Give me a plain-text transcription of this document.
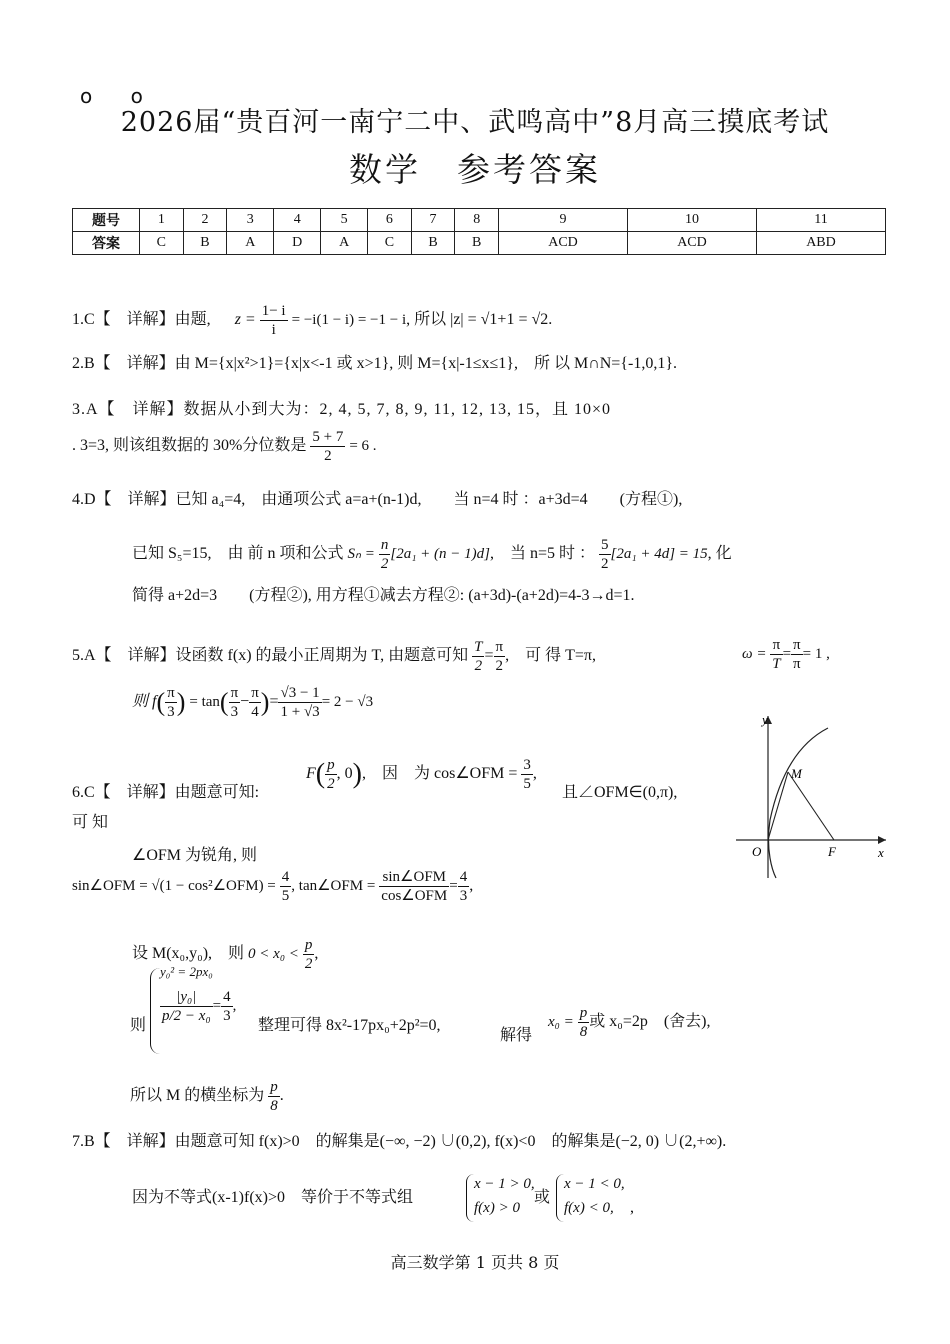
o o
2026届“贵百河一南宁二中、武鸣高中”8月高三摸底考试
数学　参考答案
题号	1	2	3	4	5	6	7	8	9	10	11
答案	C	B	A	D	A	C	B	B	ACD	ACD	ABD
1.C【　详解】由题, $z = \frac{1- i}{i} = -i(1 - i) = -1 - i$, 所以 |z| = √1+1 = √2.
2.B【　详解】由 M={x|x²>1}={x|x<-1 或 x>1}, 则 M={x|-1≤x≤1},　所 以 M∩N={-1,0,1}.
3.A【　详解】数据从小到大为：2, 4, 5, 7, 8, 9, 11, 12, 13, 15，且 10×0
. 3=3, 则该组数据的 30%分位数是 $\frac{5 + 7}{2} = 6$ .
4.D【　详解】已知 a₄=4,　由通项公式 a=a+(n-1)d,　　当 n=4 时 ：a+3d=4　　(方程①),
已知 S₅=15,　由 前 n 项和公式 $S_n = \frac{n}{2} [2a_1 + (n - 1)d]$,　当 n=5 时 ： $\frac{5}{2} [2a_1 + 4d] = 15$, 化
简得 a+2d=3　　(方程②), 用方程①减去方程②: (a+3d)-(a+2d)=4-3→d=1.
5.A【　详解】设函数 f(x) 的最小正周期为 T, 由题意可知 $\frac{T}{2} = \frac{\pi}{2}$ ,　可 得 T=π,	$\omega = \frac{\pi}{T} = \frac{\pi}{\pi} = 1$ ,
则 $f( \frac{\pi}{3}$ ) = $\tan( \frac{\pi}{3} - \frac{\pi}{4}$ )= $\frac{√3 - 1}{1 + √3} = 2 - √3$
y
x
O
M
F
6.C【　详解】由题意可知:
$F( \frac{p}{2}$ , 0),　因 为 cos∠OFM = $\frac{3}{5}$ ,
且∠OFM∈(0,π),
可 知
∠OFM 为锐角, 则
sin∠OFM = √(1 − cos²∠OFM) = $\frac{4}{5}$ , tan∠OFM = $\frac{\text{sin∠OFM}}{\text{cos∠OFM}} = \frac{4}{3}$ ,
设 M(x₀,y₀),　则 $0 < x_0 < \frac{p}{2}$ ,
则
y₀² = 2px₀
$\frac{\text{|y₀|}}{\text{p/2 − x₀}} = \frac{4}{3}$ ,
整理可得 8x²-17px₀+2p²=0,
解得
$x_0 = \frac{p}{8}$ 或 x₀=2p　(舍去),
所以 M 的横坐标为 $\frac{p}{8}$ .
7.B【　详解】由题意可知 f(x)>0　的解集是(−∞, −2) ∪(0,2), f(x)<0　的解集是(−2, 0) ∪(2,+∞).
因为不等式(x-1)f(x)>0　等价于不等式组
x − 1 > 0,
f(x) > 0
或
x − 1 < 0,
f(x) < 0,	,
高三数学第 1 页共 8 页
